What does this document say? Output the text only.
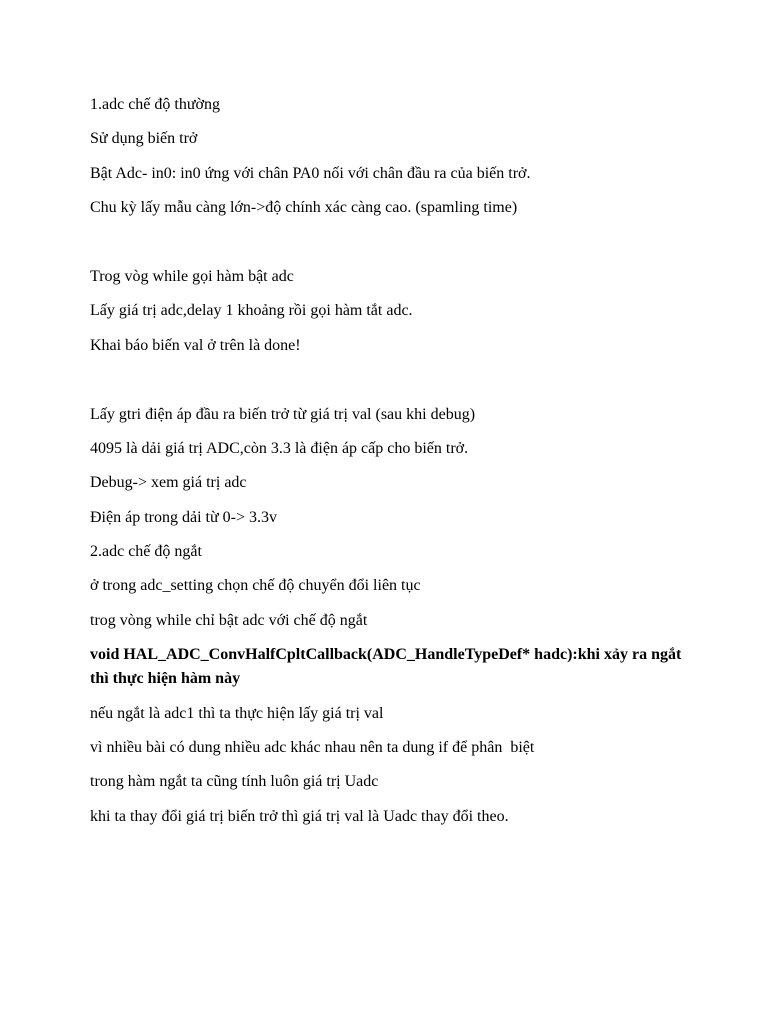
1.adc chế độ thường

Sử dụng biến trở

Bật Adc- in0: in0 ứng với chân PA0 nối với chân đầu ra của biến trở.

Chu kỳ lấy mẫu càng lớn->độ chính xác càng cao. (spamling time)

Trog vòg while gọi hàm bật adc

Lấy giá trị adc,delay 1 khoảng rồi gọi hàm tắt adc.

Khai báo biến val ở trên là done!

Lấy gtri điện áp đầu ra biến trở từ giá trị val (sau khi debug)

4095 là dải giá trị ADC,còn 3.3 là điện áp cấp cho biến trở.

Debug-> xem giá trị adc

Điện áp trong dải từ 0-> 3.3v

2.adc chế độ ngắt

ở trong adc_setting chọn chế độ chuyển đổi liên tục

trog vòng while chỉ bật adc với chế độ ngắt

void HAL_ADC_ConvHalfCpltCallback(ADC_HandleTypeDef* hadc):khi xảy ra ngắt thì thực hiện hàm này

nếu ngắt là adc1 thì ta thực hiện lấy giá trị val

vì nhiều bài có dung nhiều adc khác nhau nên ta dung if để phân  biệt

trong hàm ngắt ta cũng tính luôn giá trị Uadc

khi ta thay đổi giá trị biến trở thì giá trị val là Uadc thay đổi theo.
